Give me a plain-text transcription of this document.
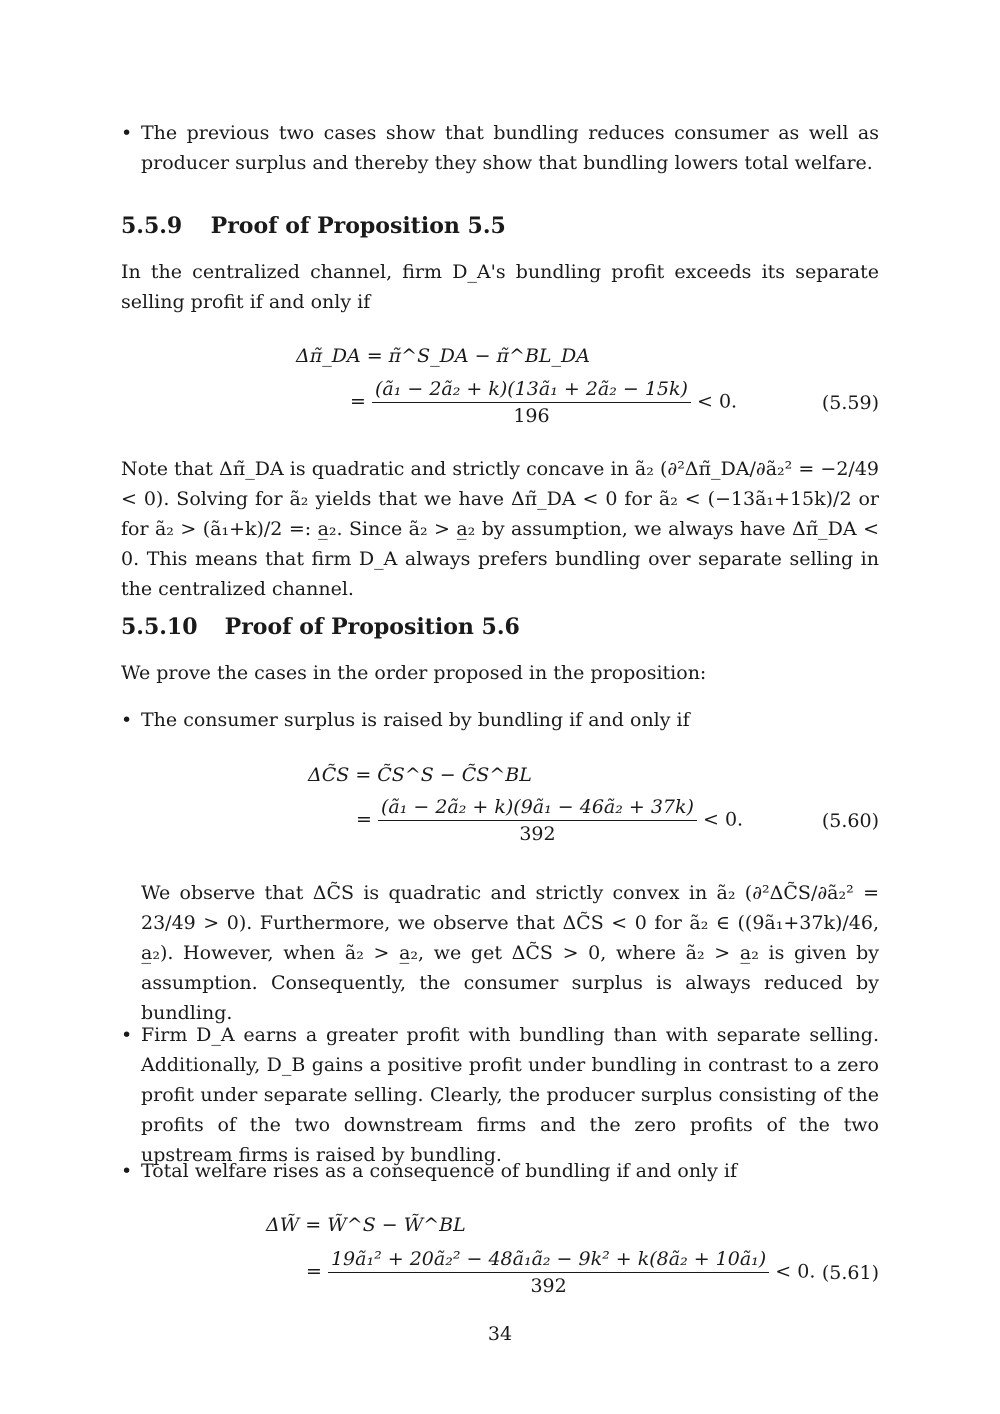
• The previous two cases show that bundling reduces consumer as well as producer surplus and thereby they show that bundling lowers total welfare.
5.5.9 Proof of Proposition 5.5
In the centralized channel, firm D_A's bundling profit exceeds its separate selling profit if and only if
Δπ̃_DA = π̃^S_DA − π̃^BL_DA
= $\frac{\text{(ã₁ − 2ã₂ + k)(13ã₁ + 2ã₂ − 15k)}}{196} < 0$.	(5.59)
Note that Δπ̃_DA is quadratic and strictly concave in ã₂ (∂²Δπ̃_DA/∂ã₂² = −2/49 < 0). Solving for ã₂ yields that we have Δπ̃_DA < 0 for ã₂ < (−13ã₁+15k)/2 or for ã₂ > (ã₁+k)/2 =: a̲₂. Since ã₂ > a̲₂ by assumption, we always have Δπ̃_DA < 0. This means that firm D_A always prefers bundling over separate selling in the centralized channel.
5.5.10 Proof of Proposition 5.6
We prove the cases in the order proposed in the proposition:
• The consumer surplus is raised by bundling if and only if
ΔC̃S = C̃S^S − C̃S^BL
= $\frac{\text{(ã₁ − 2ã₂ + k)(9ã₁ − 46ã₂ + 37k)}}{392} < 0$.	(5.60)
We observe that ΔC̃S is quadratic and strictly convex in ã₂ (∂²ΔC̃S/∂ã₂² = 23/49 > 0). Furthermore, we observe that ΔC̃S < 0 for ã₂ ∈ ((9ã₁+37k)/46, a̲₂). However, when ã₂ > a̲₂, we get ΔC̃S > 0, where ã₂ > a̲₂ is given by assumption. Consequently, the consumer surplus is always reduced by bundling.
• Firm D_A earns a greater profit with bundling than with separate selling. Additionally, D_B gains a positive profit under bundling in contrast to a zero profit under separate selling. Clearly, the producer surplus consisting of the profits of the two downstream firms and the zero profits of the two upstream firms is raised by bundling.
• Total welfare rises as a consequence of bundling if and only if
ΔW̃ = W̃^S − W̃^BL
= $\frac{\text{19ã₁² + 20ã₂² − 48ã₁ã₂ − 9k² + k(8ã₂ + 10ã₁)}}{392} < 0$. (5.61)
34
